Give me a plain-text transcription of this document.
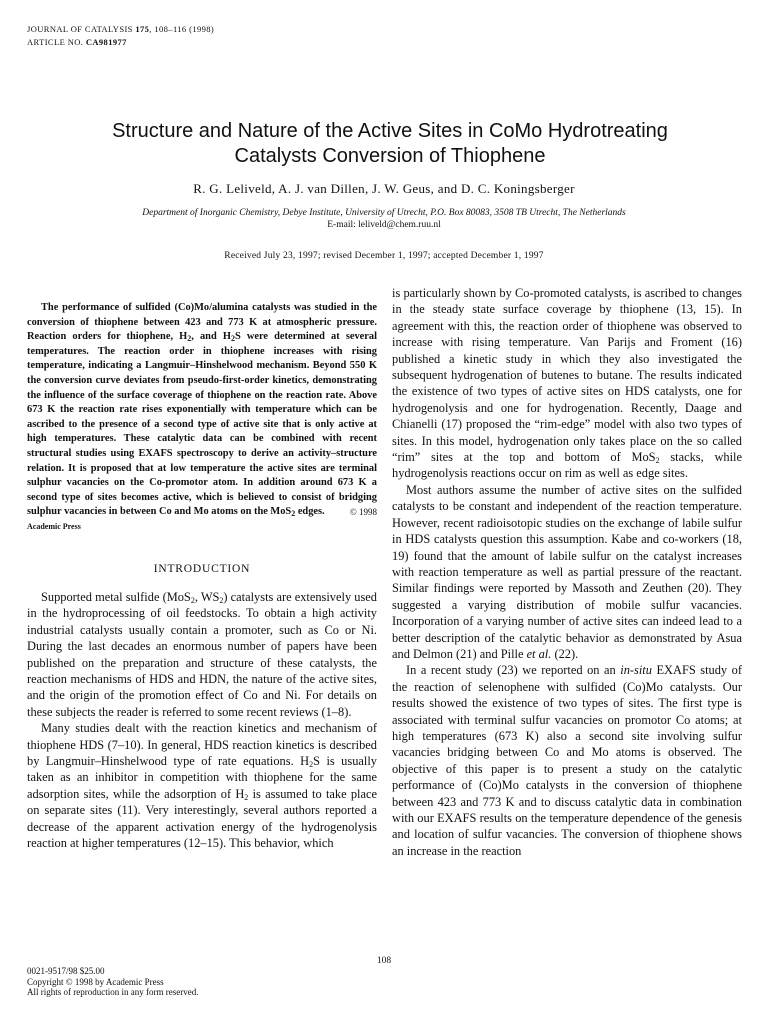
JOURNAL OF CATALYSIS 175, 108–116 (1998)
ARTICLE NO. CA981977
Structure and Nature of the Active Sites in CoMo Hydrotreating
Catalysts Conversion of Thiophene
R. G. Leliveld, A. J. van Dillen, J. W. Geus, and D. C. Koningsberger
Department of Inorganic Chemistry, Debye Institute, University of Utrecht, P.O. Box 80083, 3508 TB Utrecht, The Netherlands
E-mail: leliveld@chem.ruu.nl
Received July 23, 1997; revised December 1, 1997; accepted December 1, 1997

The performance of sulfided (Co)Mo/alumina catalysts was studied in the conversion of thiophene between 423 and 773 K at atmospheric pressure. Reaction orders for thiophene, $H_2$, and $H_2S$ were determined at several temperatures. The reaction order in thiophene increases with rising temperature, indicating a Langmuir–Hinshelwood mechanism. Beyond 550 K the conversion curve deviates from pseudo-first-order kinetics, demonstrating the influence of the surface coverage of thiophene on the reaction rate. Above 673 K the reaction rate rises exponentially with temperature which can be ascribed to the presence of a second type of active site that is only active at high temperatures. These catalytic data can be combined with recent structural studies using EXAFS spectroscopy to derive an activity–structure relation. It is proposed that at low temperature the active sites are terminal sulphur vacancies on the Co-promotor atom. In addition around 673 K a second type of sites becomes active, which is believed to consist of bridging sulphur vacancies in between Co and Mo atoms on the MoS$_2$ edges.	© 1998

Academic Press

INTRODUCTION

Supported metal sulfide (MoS$_2$, $WS_2$) catalysts are extensively used in the hydroprocessing of oil feedstocks. To obtain a high activity industrial catalysts usually contain a promoter, such as Co or Ni. During the last decades an enormous number of papers have been published on the preparation and structure of these catalysts, the reaction mechanisms of HDS and HDN, the nature of the active sites, and the origin of the promotion effect of Co and Ni. For details on these subjects the reader is referred to some recent reviews (1–8).

Many studies dealt with the reaction kinetics and mechanism of thiophene HDS (7–10). In general, HDS reaction kinetics is described by Langmuir–Hinshelwood type of rate equations. $H_2S$ is usually taken as an inhibitor in competition with thiophene for the same adsorption sites, while the adsorption of $H_2$ is assumed to take place on separate sites (11). Very interestingly, several authors reported a decrease of the apparent activation energy of the hydrogenolysis reaction at higher temperatures (12–15). This behavior, which

is particularly shown by Co-promoted catalysts, is ascribed to changes in the steady state surface coverage by thiophene (13, 15). In agreement with this, the reaction order of thiophene was observed to increase with rising temperature. Van Parijs and Froment (16) published a kinetic study in which they also investigated the subsequent hydrogenation of butenes to butane. The results indicated the existence of two types of active sites on HDS catalysts, one for hydrogenolysis and one for hydrogenation. Recently, Daage and Chianelli (17) proposed the “rim-edge” model with also two types of sites. In this model, hydrogenation only takes place on the so called “rim” sites at the top and bottom of MoS$_2$ stacks, while hydrogenolysis reactions occur on rim as well as edge sites.

Most authors assume the number of active sites on the sulfided catalysts to be constant and independent of the reaction temperature. However, recent radioisotopic studies on the exchange of labile sulfur in HDS catalysts question this assumption. Kabe and co-workers (18, 19) found that the amount of labile sulfur on the catalyst increases with reaction temperature as well as partial pressure of the reactant. Similar findings were reported by Massoth and Zeuthen (20). They suggested a varying distribution of mobile sulfur vacancies. Incorporation of a varying number of active sites can indeed lead to a better description of the catalytic behavior as demonstrated by Asua and Delmon (21) and Pille et al. (22).

In a recent study (23) we reported on an in-situ EXAFS study of the reaction of selenophene with sulfided (Co)Mo catalysts. Our results showed the existence of two types of sites. The first type is associated with terminal sulfur vacancies on promotor Co atoms; at high temperatures (673 K) also a second site involving sulfur vacancies bridging between Co and Mo atoms is observed. The objective of this paper is to present a study on the catalytic performance of (Co)Mo catalysts in the conversion of thiophene between 423 and 773 K and to discuss catalytic data in combination with our EXAFS results on the temperature dependence of the genesis and location of sulfur vacancies. The conversion of thiophene shows an increase in the reaction

108
0021-9517/98 $25.00
Copyright © 1998 by Academic Press
All rights of reproduction in any form reserved.
